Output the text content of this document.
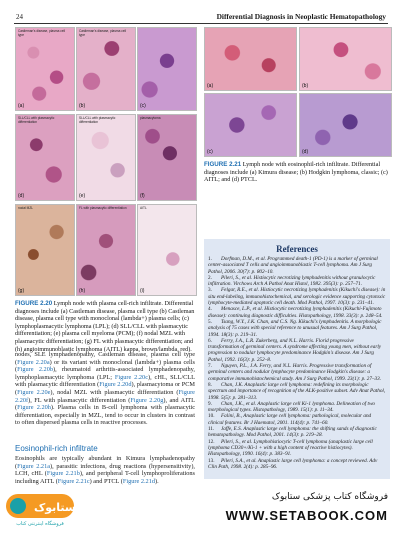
24	Differential Diagnosis in Neoplastic Hematopathology
Castleman's disease, plasma cell type
(a)
Castleman's disease, plasma cell type
(b)	(c)
SLL/CLL with plasmacytic differentiation
(d)
SLL/CLL with plasmacytic differentiation
(e)
plasmacytoma
(f)
nodal MZL
(g)
FL with plasmacytic differentiation
(h)
AITL
(i)
FIGURE 2.20 Lymph node with plasma cell-rich infiltrate. Differential diagnoses include (a) Castleman disease, plasma cell type (b) Castleman disease, plasma cell type with monoclonal (lambda+) plasma cells; (c) lymphoplasmacytic lymphoma (LPL); (d) SLL/CLL with plasmacytic differentiation; (e) plasma cell myeloma (PCM); (f) nodal MZL with plasmacytic differentiation; (g) FL with plasmacytic differentiation; and (h) angioimmunoblastic lymphoma (AITL) kappa, brown/lambda, red).
(a)	(b)
(c)	(d)
FIGURE 2.21 Lymph node with eosinophil-rich infiltrate. Differential diagnoses include (a) Kimura disease; (b) Hodgkin lymphoma, classic; (c) AITL; and (d) PTCL.
nodes, SLE lymphadenopathy, Castleman disease, plasma cell type (Figure 2.20a) or its variant with monoclonal (lambda+) plasma cells (Figure 2.20b), rheumatoid arthritis-associated lymphadenopathy, lymphoplasmacytic lymphoma (LPL; Figure 2.20c), cHL, SLL/CLL with plasmacytic differentiation (Figure 2.20d), plasmacytoma or PCM (Figure 2.20e), nodal MZL with plasmacytic differentiation (Figure 2.20f), FL with plasmacytic differentiation (Figure 2.20g), and AITL (Figure 2.20h). Plasma cells in B-cell lymphoma with plasmacytic differentiation, especially in MZL, tend to occur in clusters in contrast to often dispersed plasma cells in reactive processes.
Eosinophil-rich infiltrate
Eosinophils are typically abundant in Kimura lymphadenopathy (Figure 2.21a), parasitic infections, drug reactions (hypersensitivity), LCH, cHL (Figure 2.21b), and peripheral T-cell lymphoproliferations including AITL (Figure 2.21c) and PTCL (Figure 2.21d).
References
1. Dorfman, D.M., et al. Programmed death-1 (PD-1) is a marker of germinal center-associated T cells and angioimmunoblastic T-cell lymphoma. Am J Surg Pathol, 2006. 30(7): p. 802–10.
2. Pileri, S., et al. Histiocytic necrotizing lymphadenitis without granulocytic infiltration. Virchows Arch A Pathol Anat Histol, 1982. 395(3): p. 257–71.
3. Felgar, R.E., et al. Histiocytic necrotizing lymphadenitis (Kikuchi's disease): in situ end-labeling, immunohistochemical, and serologic evidence supporting cytotoxic lymphocyte-mediated apoptotic cell death. Mod Pathol, 1997. 10(3): p. 231–41.
4. Menasce, L.P., et al. Histiocytic necrotizing lymphadenitis (Kikuchi-Fujimoto disease): continuing diagnostic difficulties. Histopathology, 1998. 33(3): p. 248–54.
5. Tsang, W.Y., J.K. Chan, and C.S. Ng. Kikuchi's lymphadenitis. A morphologic analysis of 75 cases with special reference to unusual features. Am J Surg Pathol, 1994. 18(3): p. 219–31.
6. Ferry, J.A., L.R. Zukerberg, and N.L. Harris. Florid progressive transformation of germinal centers. A syndrome affecting young men, without early progression to nodular lymphocyte predominance Hodgkin's disease. Am J Surg Pathol, 1992. 16(3): p. 252–8.
7. Nguyen, P.L., J.A. Ferry, and N.L. Harris. Progressive transformation of germinal centers and nodular lymphocyte predominance Hodgkin's disease: a comparative immunohistochemical study. Am J Surg Pathol, 1999. 23(1): p. 27–33.
8. Chan, J.K. Anaplastic large cell lymphoma: redefining its morphologic spectrum and importance of recognition of the ALK-positive subset. Adv Anat Pathol, 1998. 5(5): p. 281–313.
9. Chan, J.K., et al. Anaplastic large cell Ki-1 lymphoma. Delineation of two morphological types. Histopathology, 1989. 15(1): p. 11–34.
10. Falini, B., Anaplastic large cell lymphoma: pathological, molecular and clinical features. Br J Haematol, 2001. 114(4): p. 741–60.
11. Jaffe, E.S. Anaplastic large cell lymphoma: the shifting sands of diagnostic hematopathology. Mod Pathol, 2001. 14(3): p. 219–28.
12. Pileri, S., et al. Lymphohistiocytic T-cell lymphoma (anaplastic large cell lymphoma CD30+/Ki-1 + with a high content of reactive histiocytes). Histopathology, 1990. 16(4): p. 383–91.
13. Pileri, S.A., et al. Anaplastic large cell lymphoma: a concept reviewed. Adv Clin Path, 1998. 2(4): p. 285–96.
ستابوک
فروشگاه اینترنتی کتاب
فروشگاه کتاب پزشکی ستابوک
WWW.SETABOOK.COM
